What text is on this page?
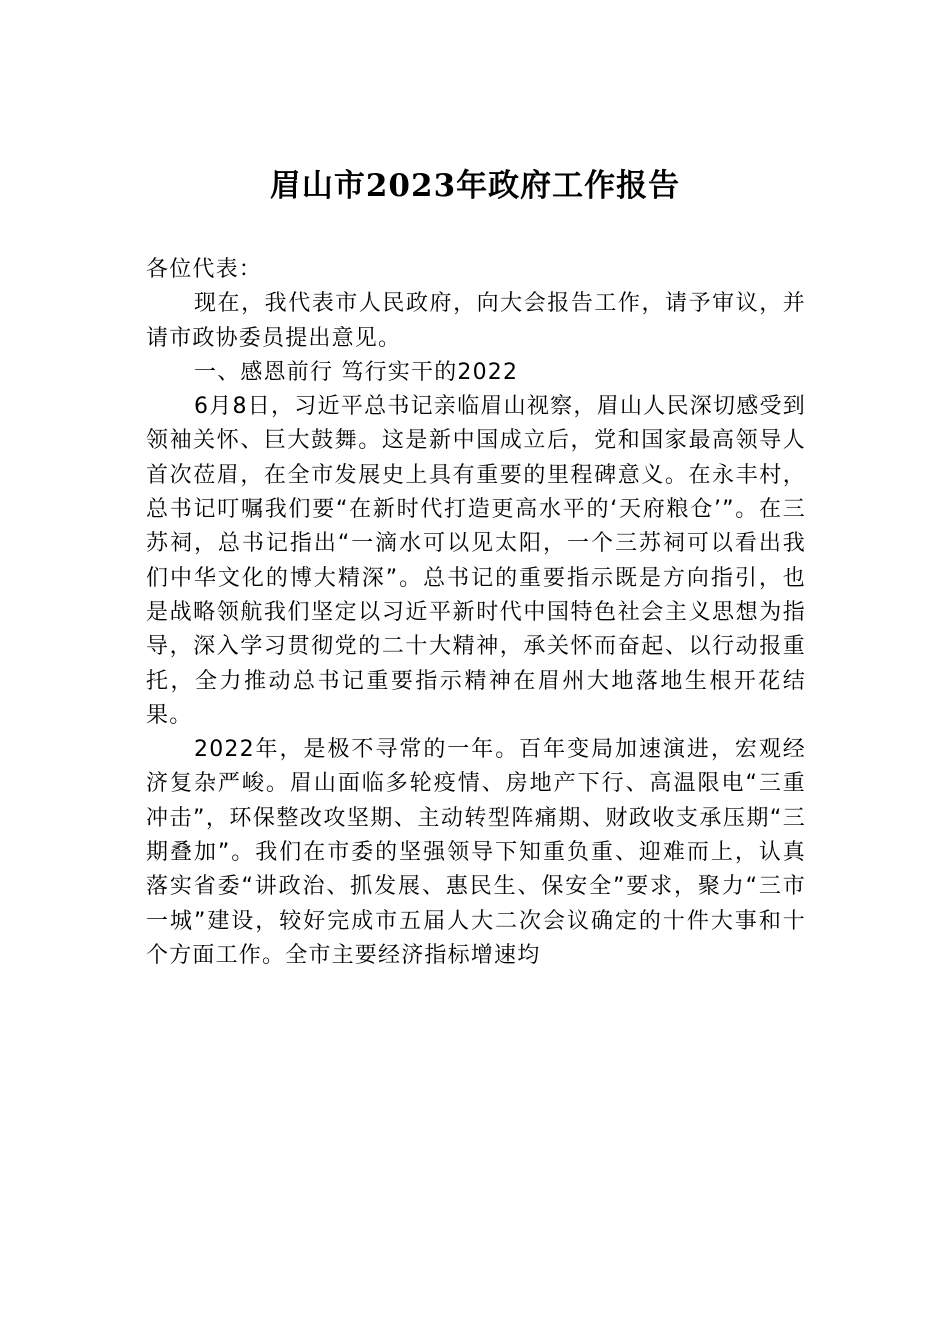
眉山市2023年政府工作报告

各位代表：

现在，我代表市人民政府，向大会报告工作，请予审议，并请市政协委员提出意见。

一、感恩前行 笃行实干的2022

6月8日，习近平总书记亲临眉山视察，眉山人民深切感受到领袖关怀、巨大鼓舞。这是新中国成立后，党和国家最高领导人首次莅眉，在全市发展史上具有重要的里程碑意义。在永丰村，总书记叮嘱我们要“在新时代打造更高水平的‘天府粮仓’”。在三苏祠，总书记指出“一滴水可以见太阳，一个三苏祠可以看出我们中华文化的博大精深”。总书记的重要指示既是方向指引，也是战略领航我们坚定以习近平新时代中国特色社会主义思想为指导，深入学习贯彻党的二十大精神，承关怀而奋起、以行动报重托，全力推动总书记重要指示精神在眉州大地落地生根开花结果。

2022年，是极不寻常的一年。百年变局加速演进，宏观经济复杂严峻。眉山面临多轮疫情、房地产下行、高温限电“三重冲击”，环保整改攻坚期、主动转型阵痛期、财政收支承压期“三期叠加”。我们在市委的坚强领导下知重负重、迎难而上，认真落实省委“讲政治、抓发展、惠民生、保安全”要求，聚力“三市一城”建设，较好完成市五届人大二次会议确定的十件大事和十个方面工作。全市主要经济指标增速均
